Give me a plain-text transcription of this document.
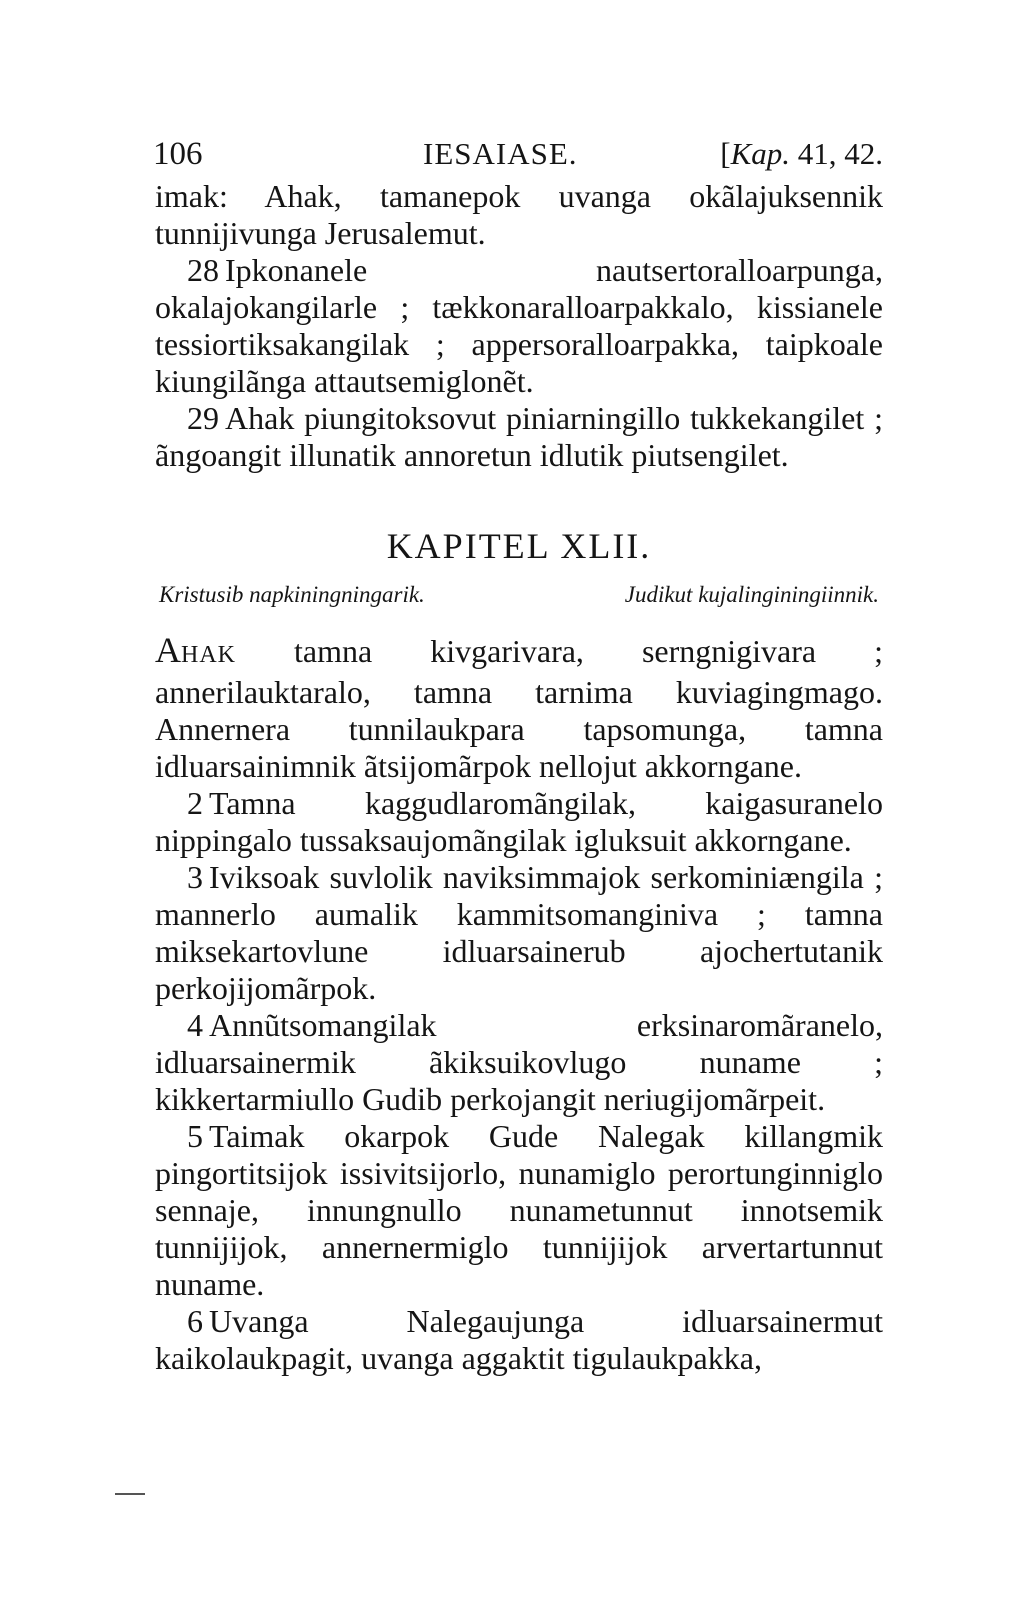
106	IESAIASE.	[Kap. 41, 42.

imak: Ahak, tamanepok uvanga okãlajuksennik tunnijivunga Jerusalemut.

28 Ipkonanele nautsertoralloarpunga, okalajokangilarle ; tækkonaralloarpakkalo, kissianele tessiortiksakangilak ; appersoralloarpakka, taipkoale kiungilãnga attautsemiglonẽt.

29 Ahak piungitoksovut piniarningillo tukkekangilet ; ãngoangit illunatik annoretun idlutik piutsengilet.

KAPITEL XLII.
Kristusib napkiningningarik.	Judikut kujalinginingiinnik.

AHAK tamna kivgarivara, serngnigivara ; annerilauktaralo, tamna tarnima kuviagingmago. Annernera tunnilaukpara tapsomunga, tamna idluarsainimnik ãtsijomãrpok nellojut akkorngane.

2 Tamna kaggudlaromãngilak, kaigasuranelo nippingalo tussaksaujomãngilak igluksuit akkorngane.

3 Iviksoak suvlolik naviksimmajok serkominiængila ; mannerlo aumalik kammitsomanginiva ; tamna miksekartovlune idluarsainerub ajochertutanik perkojijomãrpok.

4 Annũtsomangilak erksinaromãranelo, idluarsainermik ãkiksuikovlugo nuname ; kikkertarmiullo Gudib perkojangit neriugijomãrpeit.

5 Taimak okarpok Gude Nalegak killangmik pingortitsijok issivitsijorlo, nunamiglo perortunginniglo sennaje, innungnullo nunametunnut innotsemik tunnijijok, annernermiglo tunnijijok arvertartunnut nuname.

6 Uvanga Nalegaujunga idluarsainermut kaikolaukpagit, uvanga aggaktit tigulaukpakka,
